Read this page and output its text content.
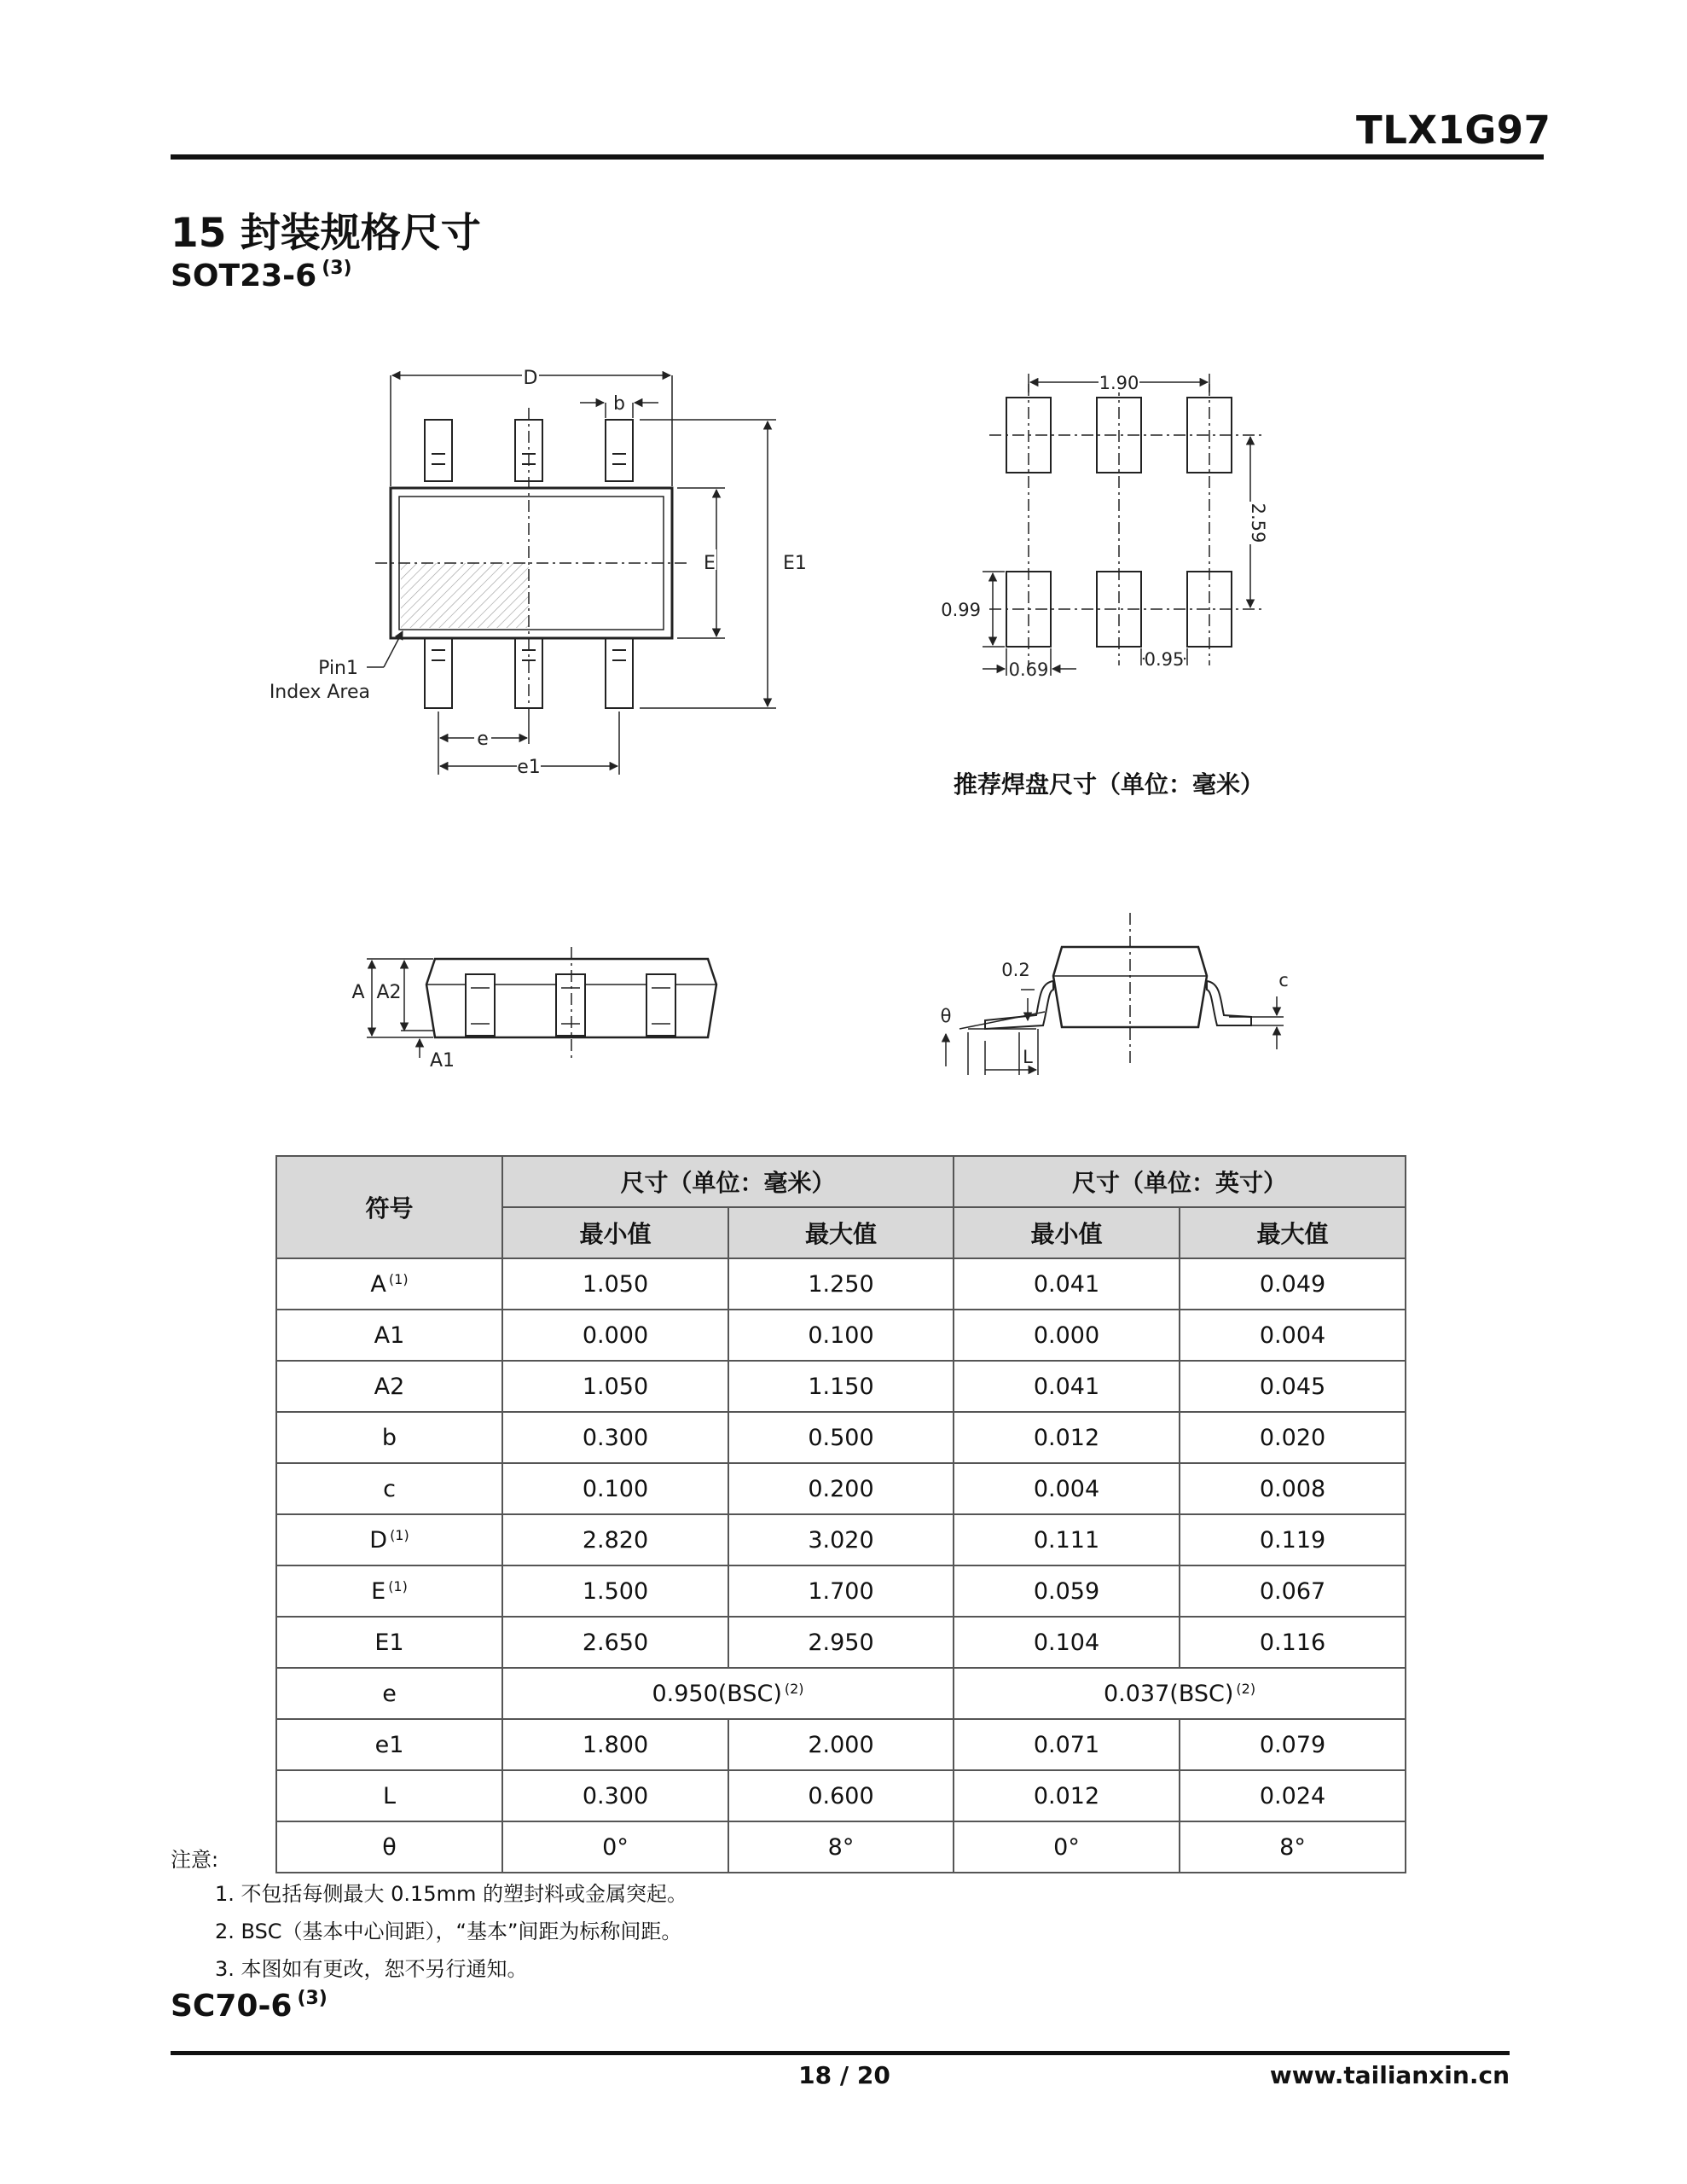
TLX1G97
15 封装规格尺寸
SOT23-6 $^{(3)}$
D
b
E	E1
e
e1
Pin1
Index Area
1.90
2.59
0.99
0.69	0.95
推荐焊盘尺寸（单位：毫米）
A A2
A1
0.2
θ
L
c
符号	尺寸（单位：毫米）		尺寸（单位：英寸）	
	最小值	最大值	最小值	最大值
A $^{(1)}$	1.050	1.250	0.041	0.049
A1	0.000	0.100	0.000	0.004
A2	1.050	1.150	0.041	0.045
b	0.300	0.500	0.012	0.020
c	0.100	0.200	0.004	0.008
D $^{(1)}$	2.820	3.020	0.111	0.119
E $^{(1)}$	1.500	1.700	0.059	0.067
E1	2.650	2.950	0.104	0.116
e	0.950(BSC) $^{(2)}$		0.037(BSC) $^{(2)}$
e1	1.800	2.000	0.071	0.079
L	0.300	0.600	0.012	0.024
θ	0°	8°	0°	8°
注意:
1. 不包括每侧最大 0.15mm 的塑封料或金属突起。
2. BSC（基本中心间距），“基本”间距为标称间距。
3. 本图如有更改，恕不另行通知。
SC70-6 $^{(3)}$
18 / 20	www.tailianxin.cn
